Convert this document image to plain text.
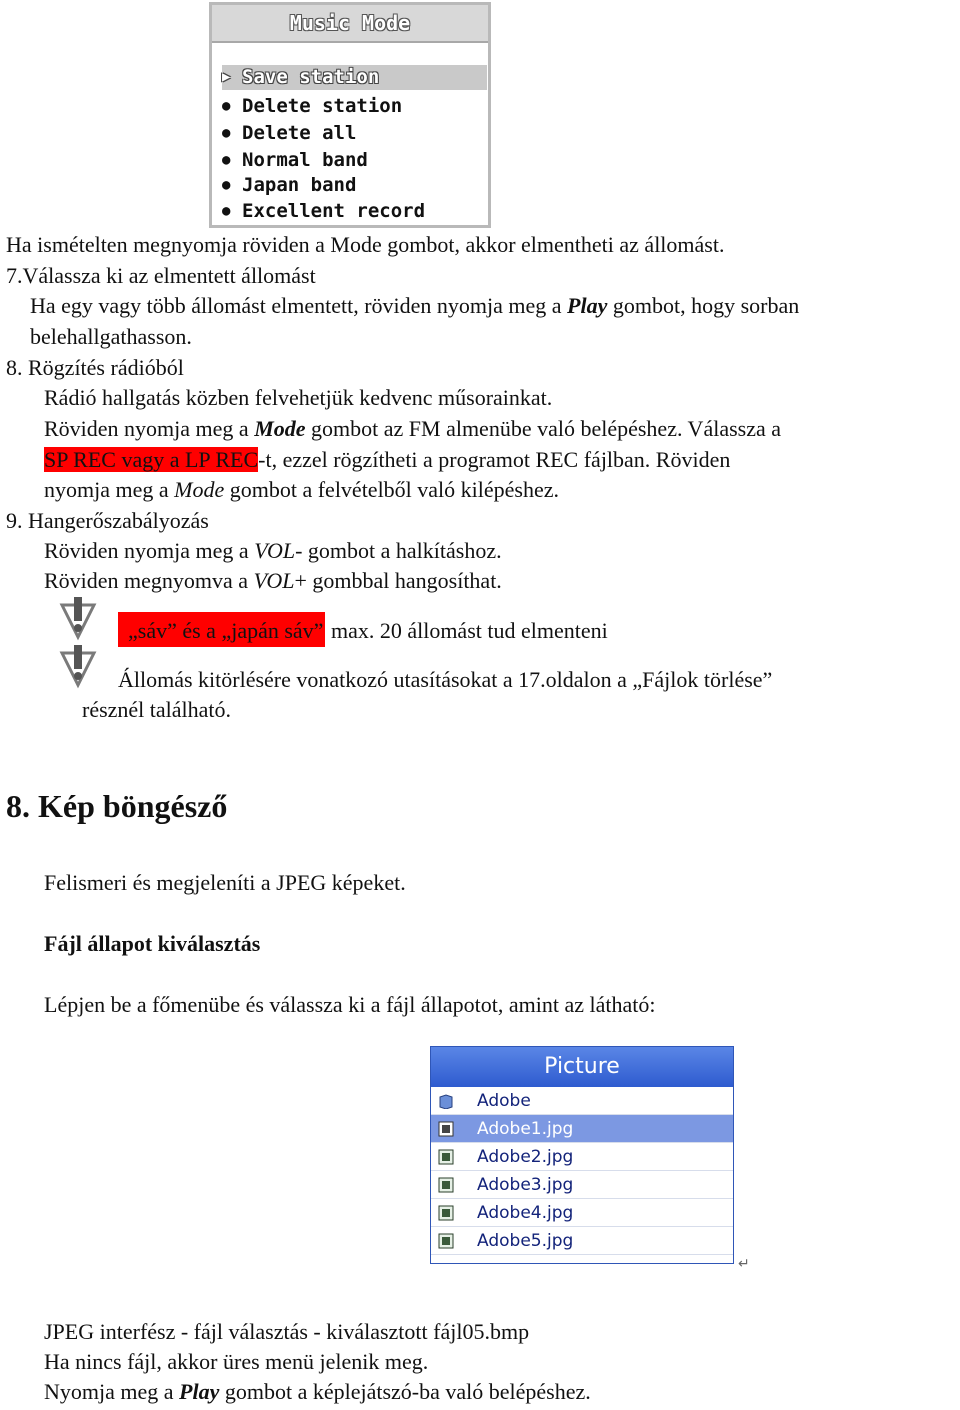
Music Mode
▶ Save station
● Delete station
● Delete all
● Normal band
● Japan band
● Excellent record
Ha ismételten megnyomja röviden a Mode gombot, akkor elmentheti az állomást.
7.Válassza ki az elmentett állomást
Ha egy vagy több állomást elmentett, röviden nyomja meg a Play gombot, hogy sorban
belehallgathasson.
8. Rögzítés rádióból
Rádió hallgatás közben felvehetjük kedvenc műsorainkat.
Röviden nyomja meg a Mode gombot az FM almenübe való belépéshez. Válassza a
SP REC vagy a LP REC-t, ezzel rögzítheti a programot REC fájlban. Röviden
nyomja meg a Mode gombot a felvételből való kilépéshez.
9. Hangerőszabályozás
Röviden nyomja meg a VOL- gombot a halkításhoz.
Röviden megnyomva a VOL+ gombbal hangosíthat.
„sáv” és a „japán sáv” max. 20 állomást tud elmenteni
Állomás kitörlésére vonatkozó utasításokat a 17.oldalon a „Fájlok törlése”
résznél található.
8. Kép böngésző
Felismeri és megjeleníti a JPEG képeket.
Fájl állapot kiválasztás
Lépjen be a főmenübe és válassza ki a fájl állapotot, amint az látható:
Picture
Adobe
Adobe1.jpg
Adobe2.jpg
Adobe3.jpg
Adobe4.jpg
Adobe5.jpg
↵
JPEG interfész - fájl választás - kiválasztott fájl05.bmp
Ha nincs fájl, akkor üres menü jelenik meg.
Nyomja meg a Play gombot a képlejátszó-ba való belépéshez.
